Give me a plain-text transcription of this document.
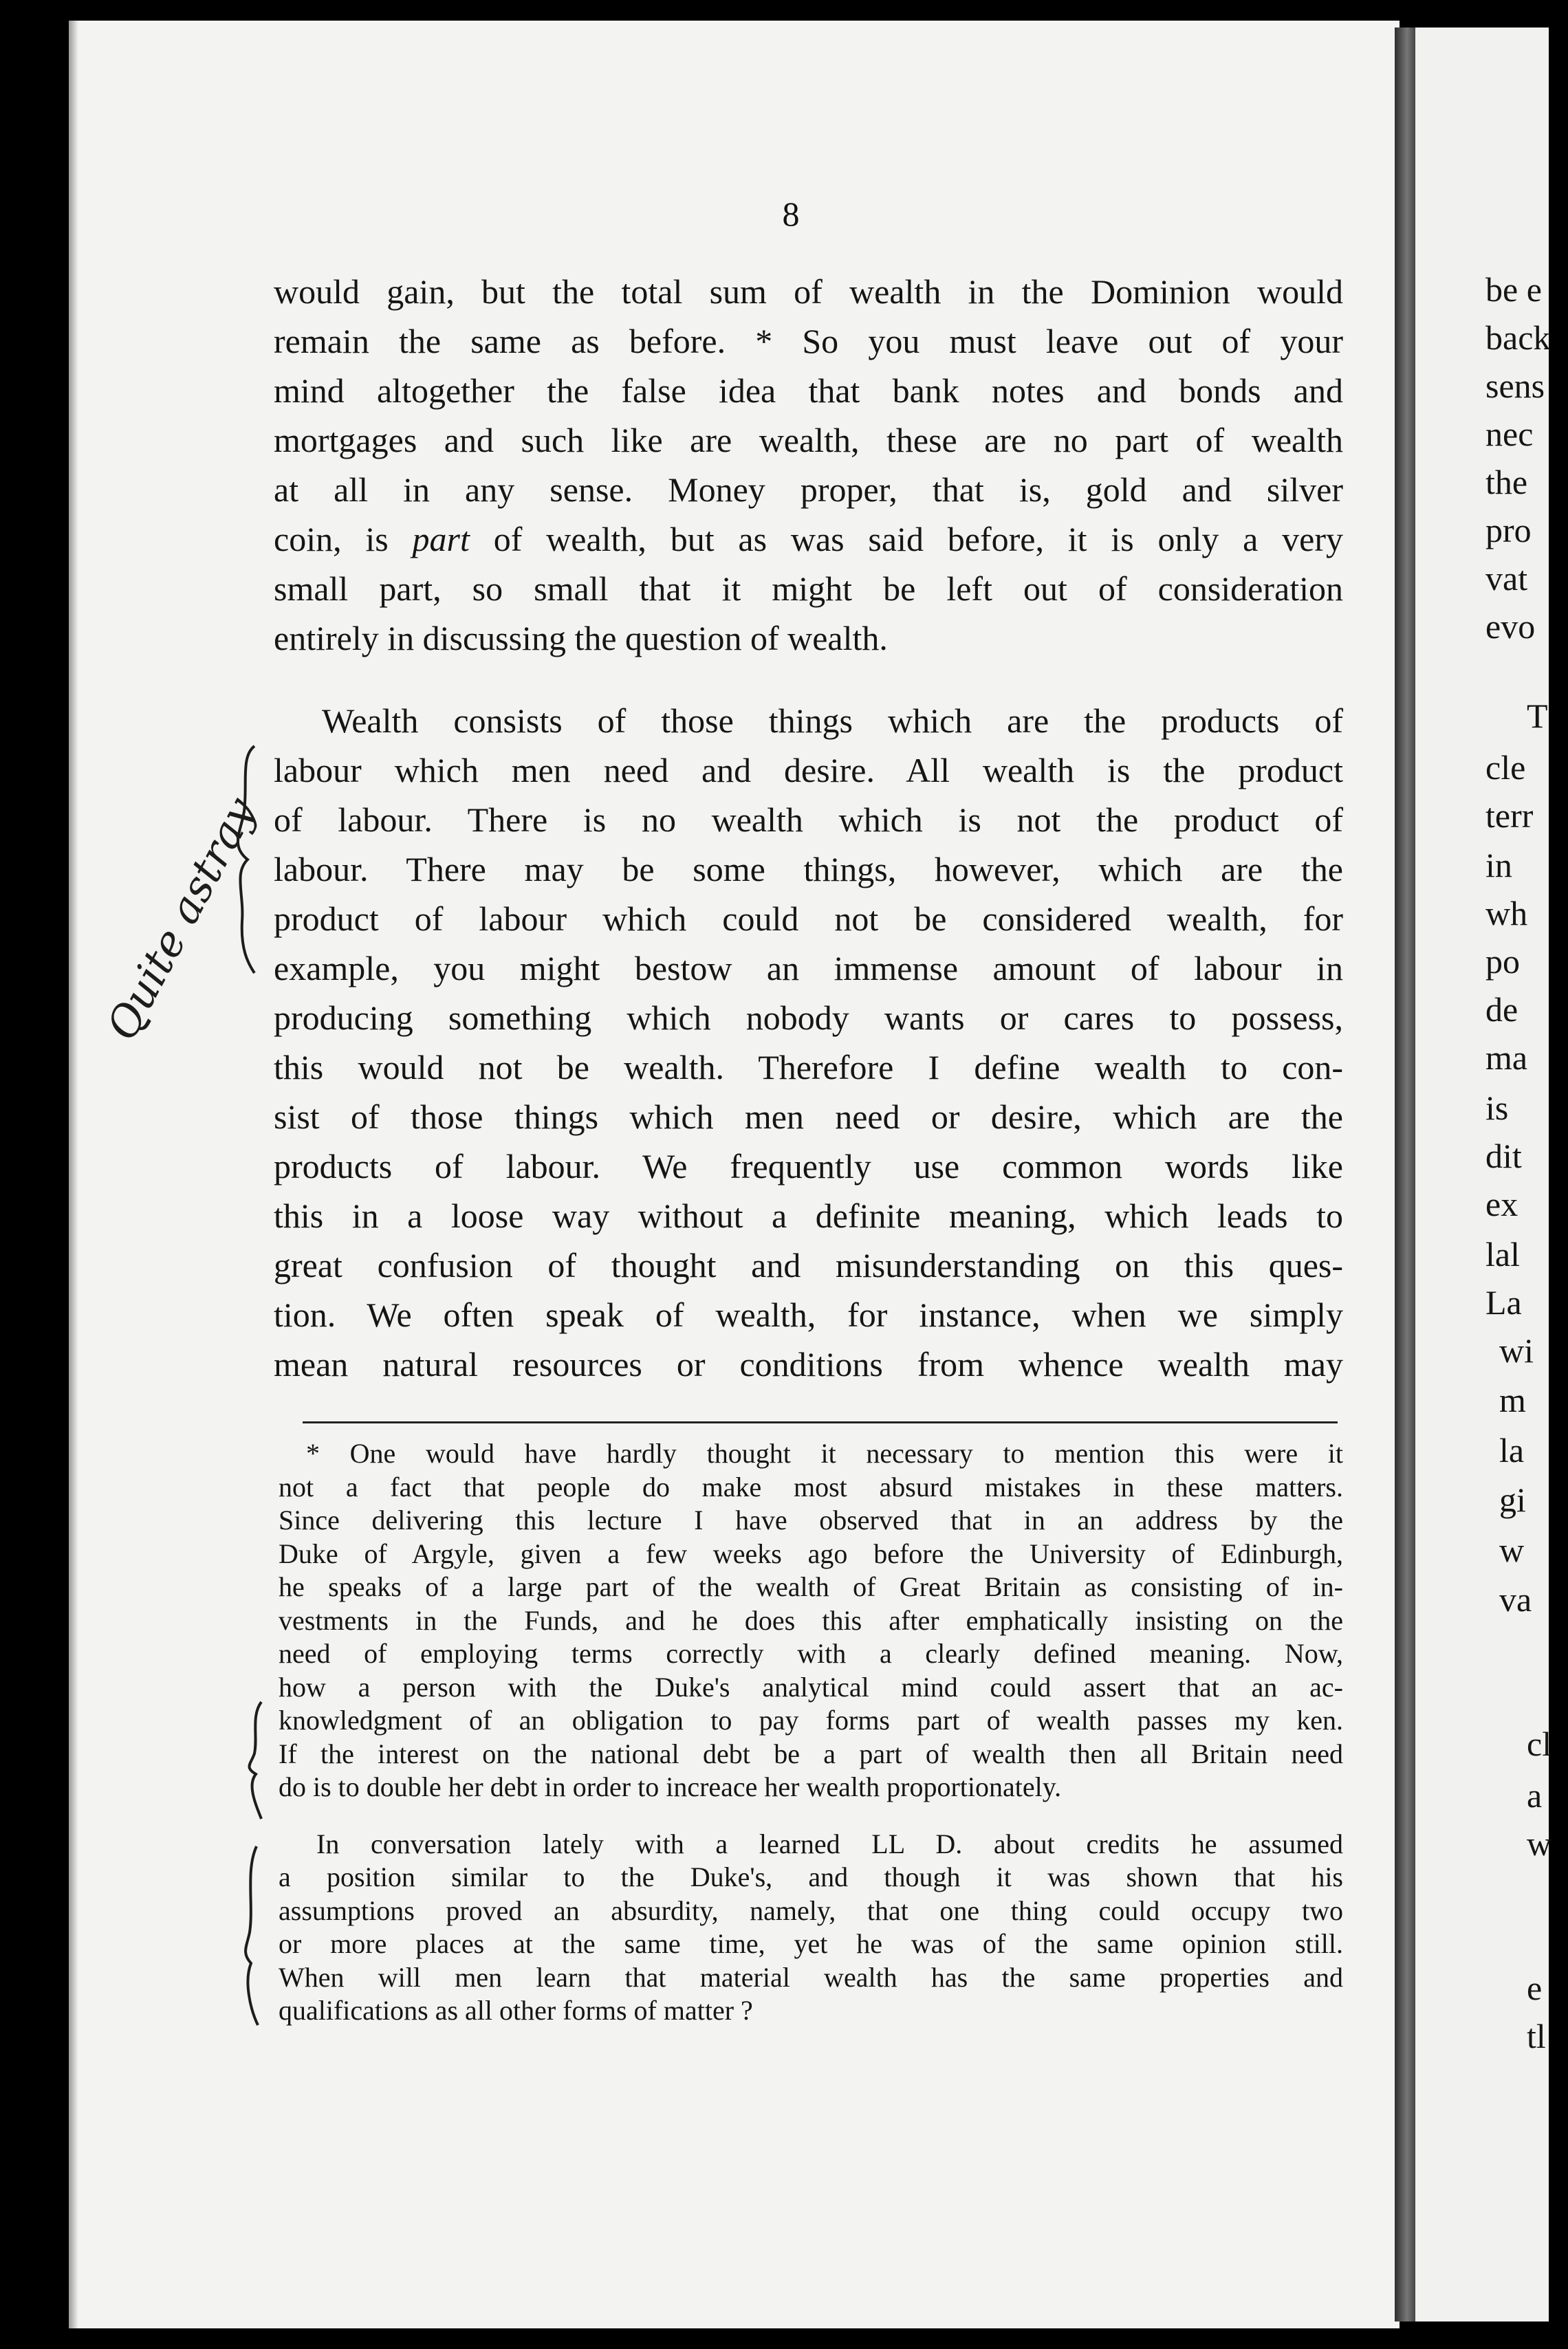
8

would gain, but the total sum of wealth in the Dominion would
remain the same as before. * So you must leave out of your
mind altogether the false idea that bank notes and bonds and
mortgages and such like are wealth, these are no part of wealth
at all in any sense. Money proper, that is, gold and silver
coin, is part of wealth, but as was said before, it is only a very
small part, so small that it might be left out of consideration
entirely in discussing the question of wealth.

Wealth consists of those things which are the products of
labour which men need and desire. All wealth is the product
of labour. There is no wealth which is not the product of
labour. There may be some things, however, which are the
product of labour which could not be considered wealth, for
example, you might bestow an immense amount of labour in
producing something which nobody wants or cares to possess,
this would not be wealth. Therefore I define wealth to con-
sist of those things which men need or desire, which are the
products of labour. We frequently use common words like
this in a loose way without a definite meaning, which leads to
great confusion of thought and misunderstanding on this ques-
tion. We often speak of wealth, for instance, when we simply
mean natural resources or conditions from whence wealth may

* One would have hardly thought it necessary to mention this were it
not a fact that people do make most absurd mistakes in these matters.
Since delivering this lecture I have observed that in an address by the
Duke of Argyle, given a few weeks ago before the University of Edinburgh,
he speaks of a large part of the wealth of Great Britain as consisting of in-
vestments in the Funds, and he does this after emphatically insisting on the
need of employing terms correctly with a clearly defined meaning. Now,
how a person with the Duke's analytical mind could assert that an ac-
knowledgment of an obligation to pay forms part of wealth passes my ken.
If the interest on the national debt be a part of wealth then all Britain need
do is to double her debt in order to increace her wealth proportionately.
In conversation lately with a learned LL D. about credits he assumed
a position similar to the Duke's, and though it was shown that his
assumptions proved an absurdity, namely, that one thing could occupy two
or more places at the same time, yet he was of the same opinion still.
When will men learn that material wealth has the same properties and
qualifications as all other forms of matter ?
Quite astray
be e
back
sens
nec
the
pro
vat
evo
T
cle
terr
in
wh
po
de
ma
is
dit
ex
lal
La
wi
m
la
gi
w
va
cl
a
w
e
tl
